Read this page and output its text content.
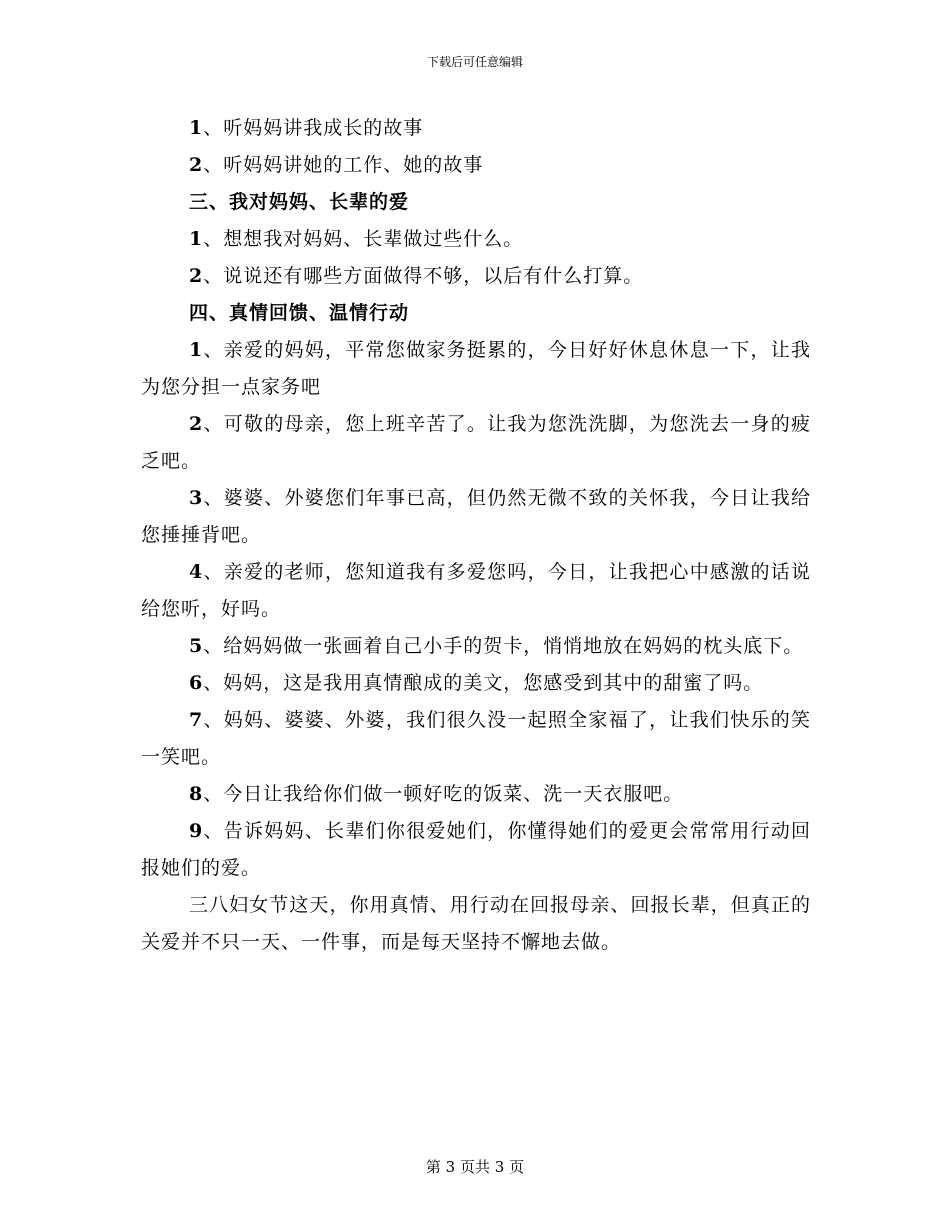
下载后可任意编辑

1、听妈妈讲我成长的故事

2、听妈妈讲她的工作、她的故事

三、我对妈妈、长辈的爱

1、想想我对妈妈、长辈做过些什么。

2、说说还有哪些方面做得不够，以后有什么打算。

四、真情回馈、温情行动

1、亲爱的妈妈，平常您做家务挺累的，今日好好休息休息一下，让我为您分担一点家务吧

2、可敬的母亲，您上班辛苦了。让我为您洗洗脚，为您洗去一身的疲乏吧。

3、婆婆、外婆您们年事已高，但仍然无微不致的关怀我，今日让我给您捶捶背吧。

4、亲爱的老师，您知道我有多爱您吗，今日，让我把心中感激的话说给您听，好吗。

5、给妈妈做一张画着自己小手的贺卡，悄悄地放在妈妈的枕头底下。

6、妈妈，这是我用真情酿成的美文，您感受到其中的甜蜜了吗。

7、妈妈、婆婆、外婆，我们很久没一起照全家福了，让我们快乐的笑一笑吧。

8、今日让我给你们做一顿好吃的饭菜、洗一天衣服吧。

9、告诉妈妈、长辈们你很爱她们，你懂得她们的爱更会常常用行动回报她们的爱。

三八妇女节这天，你用真情、用行动在回报母亲、回报长辈，但真正的关爱并不只一天、一件事，而是每天坚持不懈地去做。

第 3 页共 3 页
